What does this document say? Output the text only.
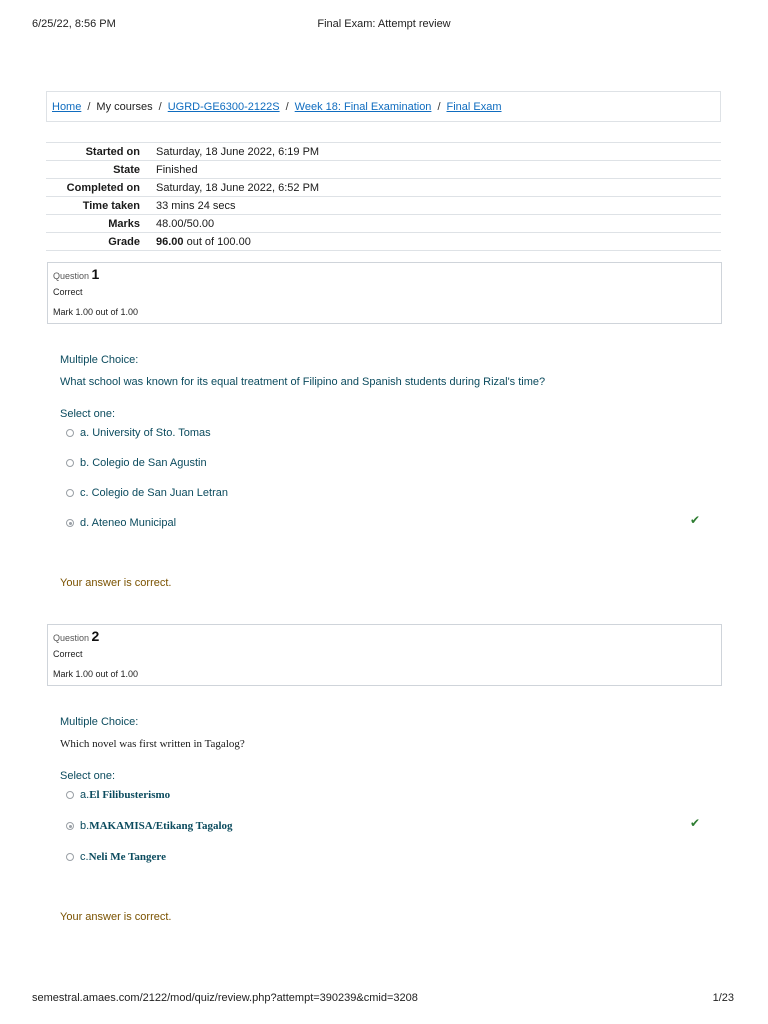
6/25/22, 8:56 PM	Final Exam: Attempt review
Home / My courses / UGRD-GE6300-2122S / Week 18: Final Examination / Final Exam
Started on	Saturday, 18 June 2022, 6:19 PM
State	Finished
Completed on	Saturday, 18 June 2022, 6:52 PM
Time taken	33 mins 24 secs
Marks	48.00/50.00
Grade	96.00 out of 100.00
Question 1
Correct
Mark 1.00 out of 1.00
Multiple Choice:
What school was known for its equal treatment of Filipino and Spanish students during Rizal's time?
Select one:
a. University of Sto. Tomas
b. Colegio de San Agustin
c. Colegio de San Juan Letran
d. Ateneo Municipal	✔
Your answer is correct.
Question 2
Correct
Mark 1.00 out of 1.00
Multiple Choice:
Which novel was first written in Tagalog?
Select one:
a. El Filibusterismo
b. MAKAMISA/Etikang Tagalog
c. Neli Me Tangere
✔
Your answer is correct.
semestral.amaes.com/2122/mod/quiz/review.php?attempt=390239&cmid=3208	1/23
